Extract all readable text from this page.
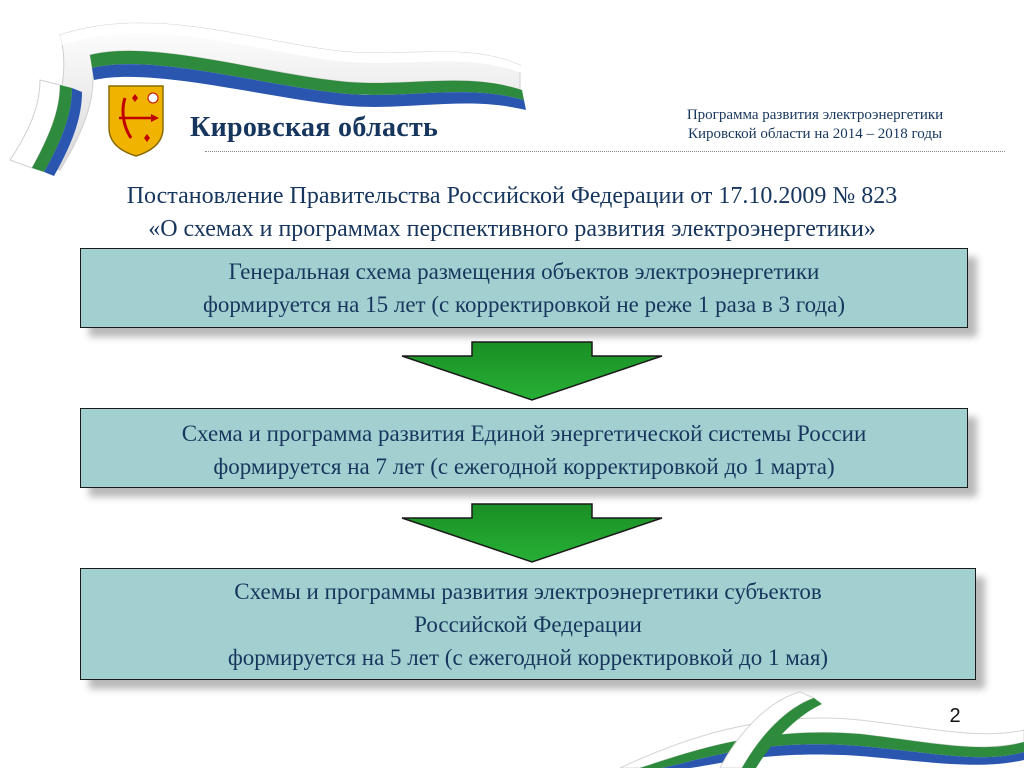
Кировская область	Программа развития электроэнергетики
Кировской области на 2014 – 2018 годы
Постановление Правительства Российской Федерации от 17.10.2009 № 823
«О схемах и программах перспективного развития электроэнергетики»
Генеральная схема размещения объектов электроэнергетики
формируется на 15 лет (с корректировкой не реже 1 раза в 3 года)
Схема и программа развития Единой энергетической системы России
формируется на 7 лет (с ежегодной корректировкой до 1 марта)
Схемы и программы развития электроэнергетики субъектов
Российской Федерации
формируется на 5 лет (с ежегодной корректировкой до 1 мая)
2
